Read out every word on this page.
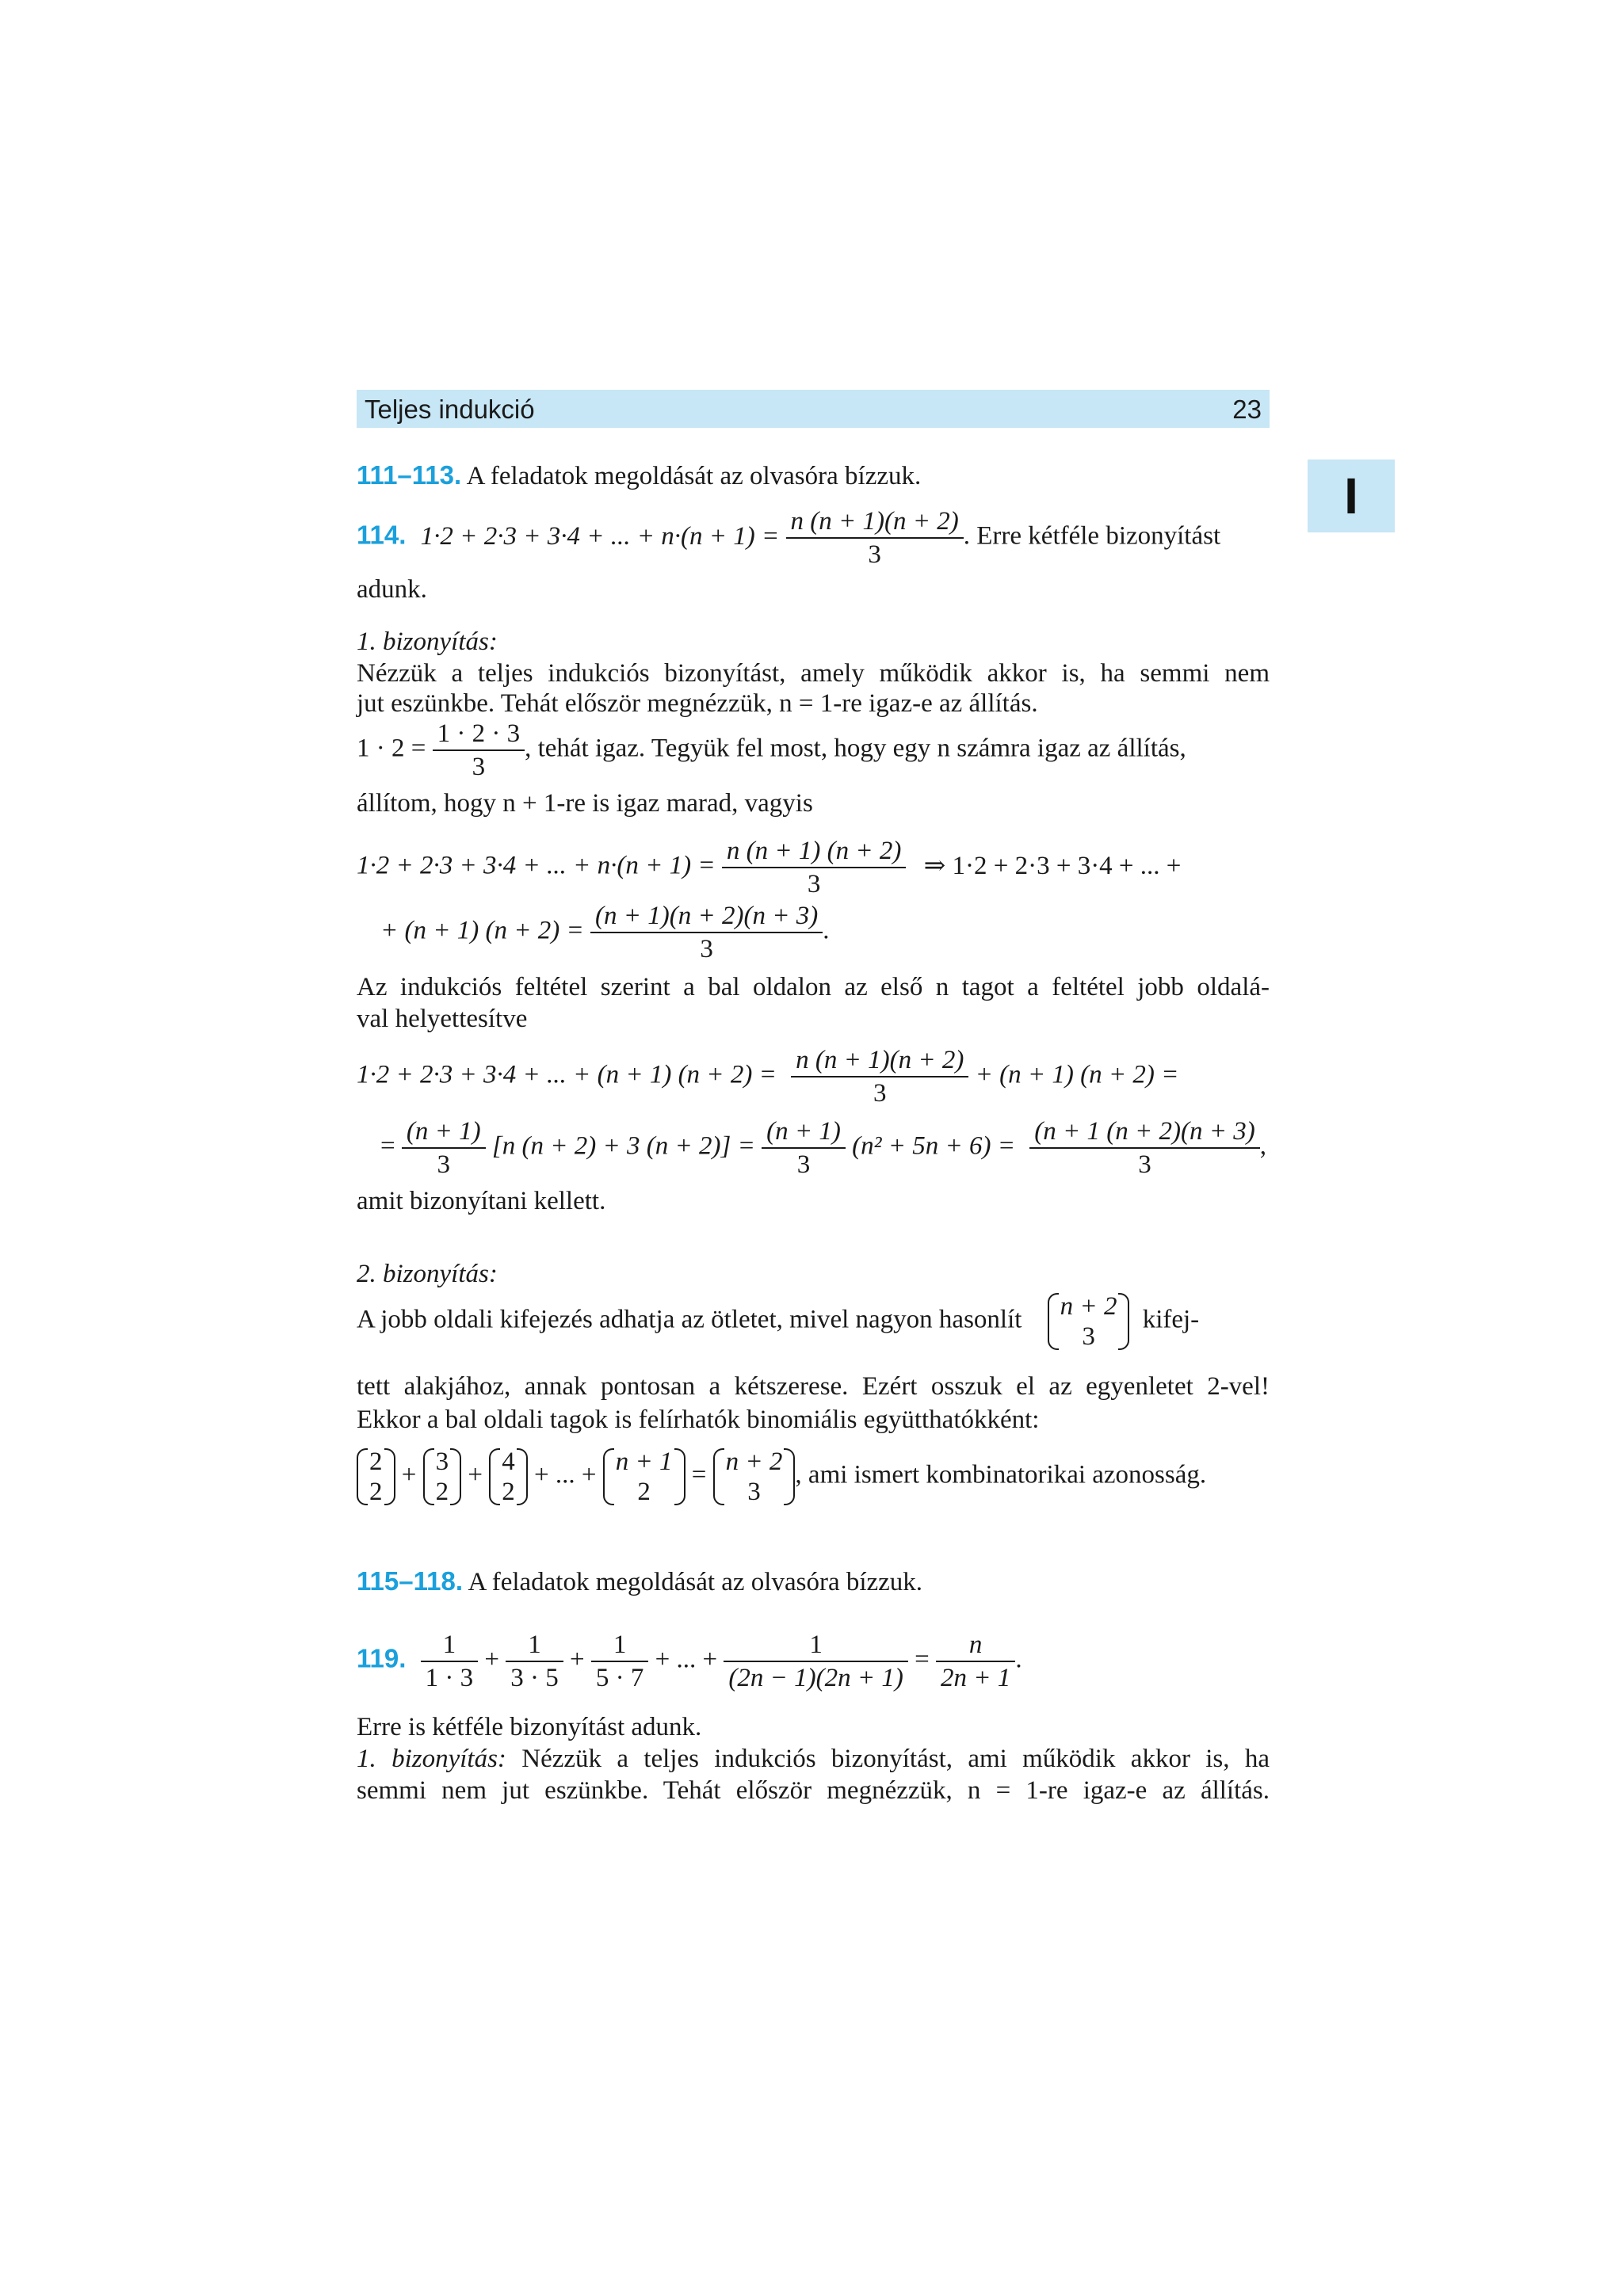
Teljes indukció	23
I
111–113. A feladatok megoldását az olvasóra bízzuk.
114. 1·2 + 2·3 + 3·4 + ... + $n\cdot(n + 1) = \frac{n (n + 1)(n + 2)}{3}$ . Erre kétféle bizonyítást
adunk.
1. bizonyítás:
Nézzük a teljes indukciós bizonyítást, amely működik akkor is, ha semmi nem
jut eszünkbe. Tehát először megnézzük, n = 1-re igaz-e az állítás.
$1 \cdot 2 = \frac{1 \cdot 2 \cdot 3}{3}$ , tehát igaz. Tegyük fel most, hogy egy n számra igaz az állítás,
állítom, hogy n + 1-re is igaz marad, vagyis
1·2 + 2·3 + 3·4 + ... + $n\cdot(n + 1) = \frac{n (n + 1) (n + 2)}{3}$ ⇒ 1·2 + 2·3 + 3·4 + ... +
+ (n + 1) $(n + 2) = \frac{(n + 1)(n + 2)(n + 3)}{3}$ .
Az indukciós feltétel szerint a bal oldalon az első n tagot a feltétel jobb oldalá-
val helyettesítve
1·2 + 2·3 + 3·4 + ... + (n + 1) $(n + 2) = \frac{n (n + 1)(n + 2)}{3} + (n + 1) (n + 2)$ =
= $\frac{(n + 1)}{3} [n$ (n + 2) + 3 $(n + 2)] = \frac{(n + 1)}{3} (n^2 + 5n + 6) = \frac{(n + 1 (n + 2)(n + 3)}{3}$ ,
amit bizonyítani kellett.
2. bizonyítás:
A jobb oldali kifejezés adhatja az ötletet, mivel nagyon hasonlít n + 2
3
kifej-
tett alakjához, annak pontosan a kétszerese. Ezért osszuk el az egyenletet 2-vel!
Ekkor a bal oldali tagok is felírhatók binomiális együtthatókként:
2
2
+ 3
2
+ 4
2
+ ... + n + 1
2
= n + 2
3
, ami ismert kombinatorikai azonosság.
115–118. A feladatok megoldását az olvasóra bízzuk.
119. $\frac{1}{1 \cdot 3} + \frac{1}{3 \cdot 5} + \frac{1}{5 \cdot 7}$ + ... + $\frac{1}{(2n - 1)(2n + 1)} = \frac{n}{2n + 1}$ .
Erre is kétféle bizonyítást adunk.
1. bizonyítás: Nézzük a teljes indukciós bizonyítást, ami működik akkor is, ha
semmi nem jut eszünkbe. Tehát először megnézzük, n = 1-re igaz-e az állítás.
